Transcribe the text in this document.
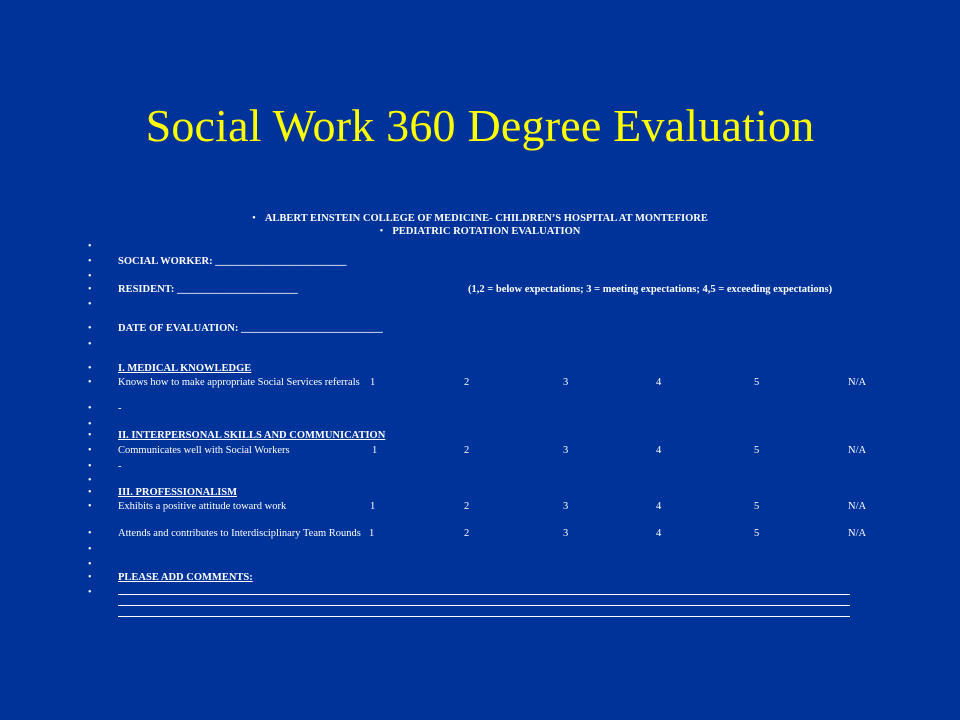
Social Work 360 Degree Evaluation
• ALBERT EINSTEIN COLLEGE OF MEDICINE- CHILDREN’S HOSPITAL AT MONTEFIORE
• PEDIATRIC ROTATION EVALUATION
•
•	SOCIAL WORKER: _________________________
•
•	RESIDENT: _______________________	(1,2 = below expectations; 3 = meeting expectations; 4,5 = exceeding expectations)
•
•	DATE OF EVALUATION: ___________________________
•
•	I. MEDICAL KNOWLEDGE
•	Knows how to make appropriate Social Services referrals 1	2	3	4	5	N/A
•	-
•
•	II. INTERPERSONAL SKILLS AND COMMUNICATION
•	Communicates well with Social Workers	1	2	3	4	5	N/A
•	-
•
•	III. PROFESSIONALISM
•	Exhibits a positive attitude toward work	1	2	3	4	5	N/A
•	Attends and contributes to Interdisciplinary Team Rounds 1	2	3	4	5	N/A
•
•
•	PLEASE ADD COMMENTS:
•
